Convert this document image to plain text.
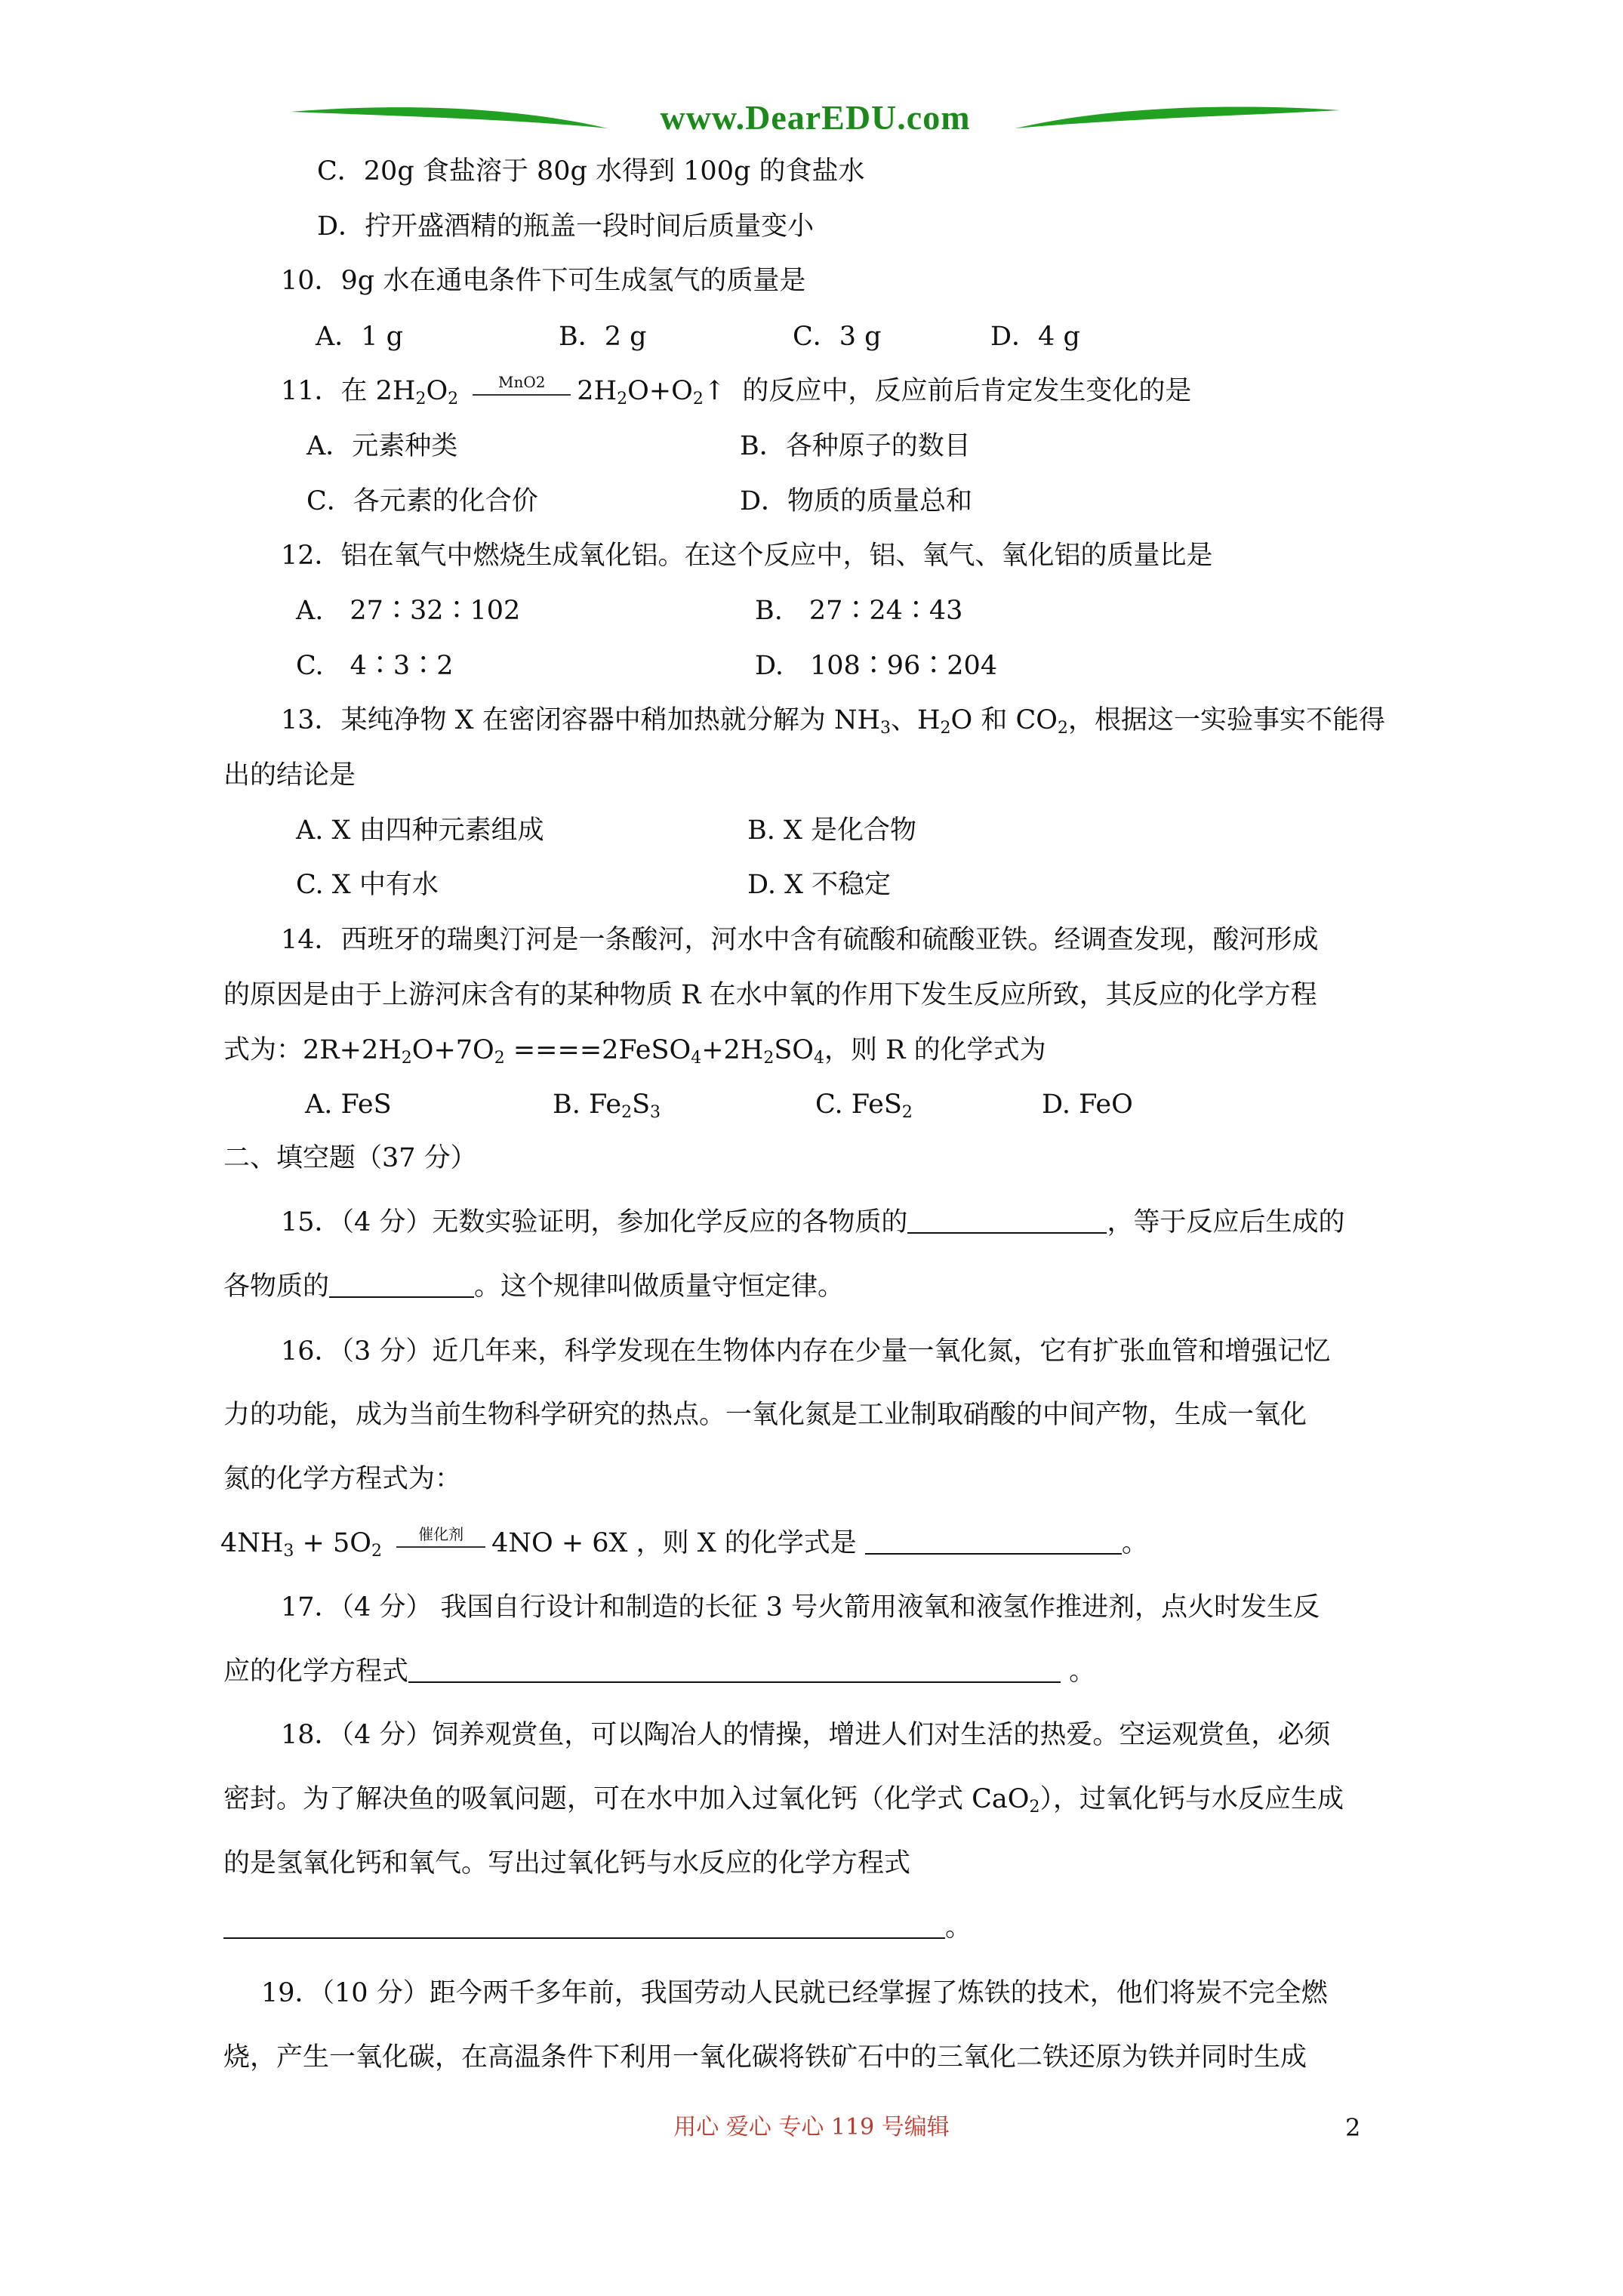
www.DearEDU.com
C．20g 食盐溶于 80g 水得到 100g 的食盐水
D．拧开盛酒精的瓶盖一段时间后质量变小
10．9g 水在通电条件下可生成氢气的质量是
A．1 g	B．2 g	C．3 g	D．4 g
11．在 $2H_2O_2$
MnO2	$2H_2O+O_2↑$  的反应中，反应前后肯定发生变化的是
A．元素种类	B．各种原子的数目
C．各元素的化合价	D．物质的质量总和
12．铝在氧气中燃烧生成氧化铝。在这个反应中，铝、氧气、氧化铝的质量比是
A.　27∶32∶102	B.　27∶24∶43
C.　4∶3∶2	D.　108∶96∶204
13．某纯净物 X 在密闭容器中稍加热就分解为 $NH_3$、$H_2O$ 和 $CO_2$，根据这一实验事实不能得
出的结论是
A. X 由四种元素组成	B. X 是化合物
C. X 中有水	D. X 不稳定
14．西班牙的瑞奥汀河是一条酸河，河水中含有硫酸和硫酸亚铁。经调查发现，酸河形成
的原因是由于上游河床含有的某种物质 R 在水中氧的作用下发生反应所致，其反应的化学方程
式为：$2R+2H_2O+7O_2$ $====2FeSO_4+2H_2SO_4$，则 R 的化学式为
A. FeS	B. $Fe_2S_3$	C. FeS$_2$	D. FeO
二、填空题（37 分）
15．（4 分）无数实验证明，参加化学反应的各物质的	，等于反应后生成的
各物质的	。这个规律叫做质量守恒定律。
16．（3 分）近几年来，科学发现在生物体内存在少量一氧化氮，它有扩张血管和增强记忆
力的功能，成为当前生物科学研究的热点。一氧化氮是工业制取硝酸的中间产物，生成一氧化
氮的化学方程式为：
$4NH_3 + 5O_2$
催化剂	4NO + 6X ，则 X 的化学式是	。
17．（4 分） 我国自行设计和制造的长征 3 号火箭用液氧和液氢作推进剂，点火时发生反
应的化学方程式	。
18．（4 分）饲养观赏鱼，可以陶冶人的情操，增进人们对生活的热爱。空运观赏鱼，必须
密封。为了解决鱼的吸氧问题，可在水中加入过氧化钙（化学式 CaO$_2$），过氧化钙与水反应生成
的是氢氧化钙和氧气。写出过氧化钙与水反应的化学方程式
。
19．（10 分）距今两千多年前，我国劳动人民就已经掌握了炼铁的技术，他们将炭不完全燃
烧，产生一氧化碳，在高温条件下利用一氧化碳将铁矿石中的三氧化二铁还原为铁并同时生成
用心 爱心 专心 119 号编辑	2
